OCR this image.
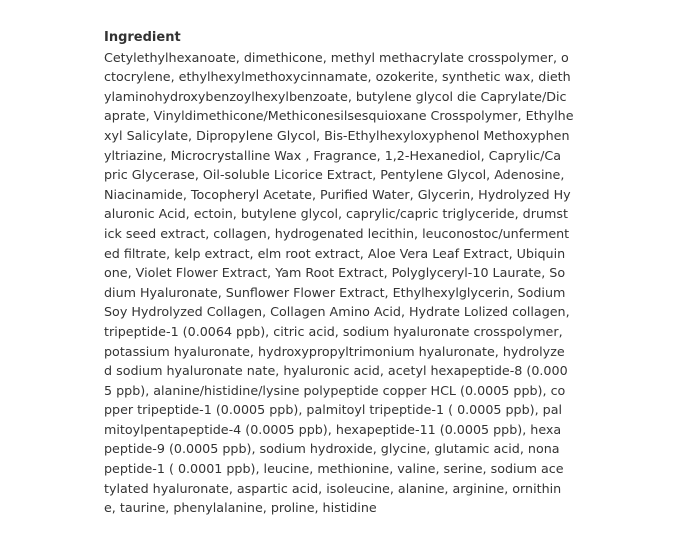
Ingredient

Cetylethylhexanoate, dimethicone, methyl methacrylate crosspolymer, o
ctocrylene, ethylhexylmethoxycinnamate, ozokerite, synthetic wax, dieth
ylaminohydroxybenzoylhexylbenzoate, butylene glycol die Caprylate/Dic
aprate, Vinyldimethicone/Methiconesilsesquioxane Crosspolymer, Ethylhe
xyl Salicylate, Dipropylene Glycol, Bis-Ethylhexyloxyphenol Methoxyphen
yltriazine, Microcrystalline Wax , Fragrance, 1,2-Hexanediol, Caprylic/Ca
pric Glycerase, Oil-soluble Licorice Extract, Pentylene Glycol, Adenosine,
Niacinamide, Tocopheryl Acetate, Purified Water, Glycerin, Hydrolyzed Hy
aluronic Acid, ectoin, butylene glycol, caprylic/capric triglyceride, drumst
ick seed extract, collagen, hydrogenated lecithin, leuconostoc/unferment
ed filtrate, kelp extract, elm root extract, Aloe Vera Leaf Extract, Ubiquin
one, Violet Flower Extract, Yam Root Extract, Polyglyceryl-10 Laurate, So
dium Hyaluronate, Sunflower Flower Extract, Ethylhexylglycerin, Sodium
Soy Hydrolyzed Collagen, Collagen Amino Acid, Hydrate Lolized collagen,
tripeptide-1 (0.0064 ppb), citric acid, sodium hyaluronate crosspolymer,
potassium hyaluronate, hydroxypropyltrimonium hyaluronate, hydrolyze
d sodium hyaluronate nate, hyaluronic acid, acetyl hexapeptide-8 (0.000
5 ppb), alanine/histidine/lysine polypeptide copper HCL (0.0005 ppb), co
pper tripeptide-1 (0.0005 ppb), palmitoyl tripeptide-1 ( 0.0005 ppb), pal
mitoylpentapeptide-4 (0.0005 ppb), hexapeptide-11 (0.0005 ppb), hexa
peptide-9 (0.0005 ppb), sodium hydroxide, glycine, glutamic acid, nona
peptide-1 ( 0.0001 ppb), leucine, methionine, valine, serine, sodium ace
tylated hyaluronate, aspartic acid, isoleucine, alanine, arginine, ornithin
e, taurine, phenylalanine, proline, histidine
